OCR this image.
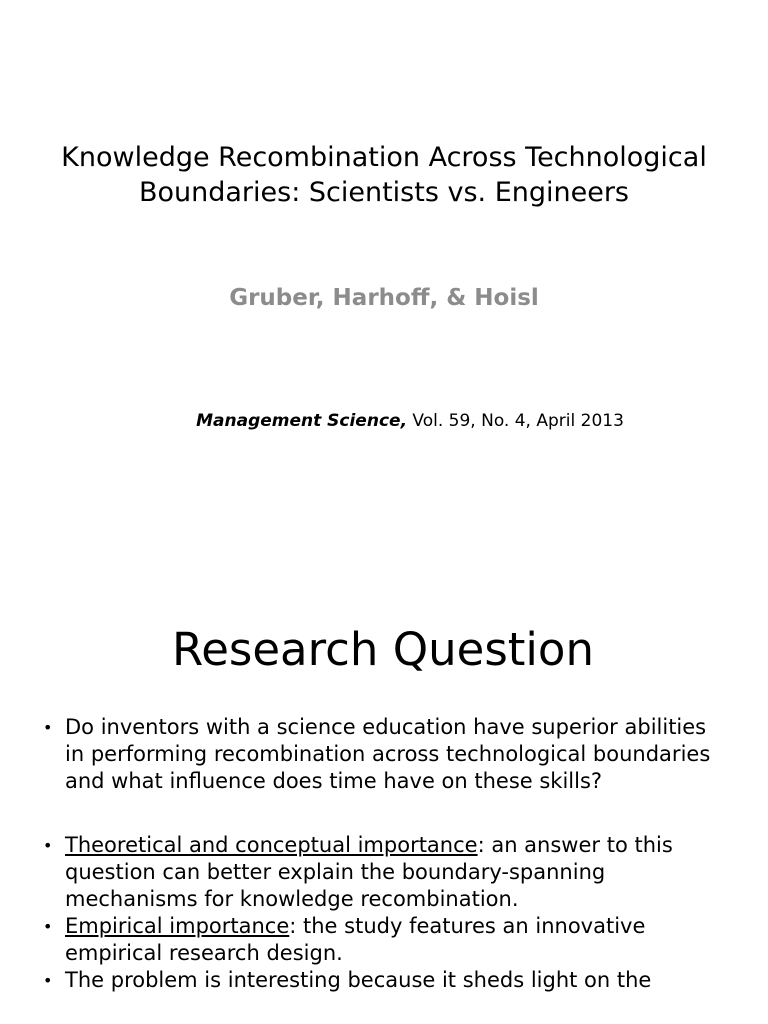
Knowledge Recombination Across Technological
Boundaries: Scientists vs. Engineers
Gruber, Harhoff, & Hoisl
Management Science, Vol. 59, No. 4, April 2013
Research Question
• Do inventors with a science education have superior abilities in performing recombination across technological boundaries and what influence does time have on these skills?
• Theoretical and conceptual importance: an answer to this question can better explain the boundary-spanning mechanisms for knowledge recombination.
• Empirical importance: the study features an innovative empirical research design.
• The problem is interesting because it sheds light on the
